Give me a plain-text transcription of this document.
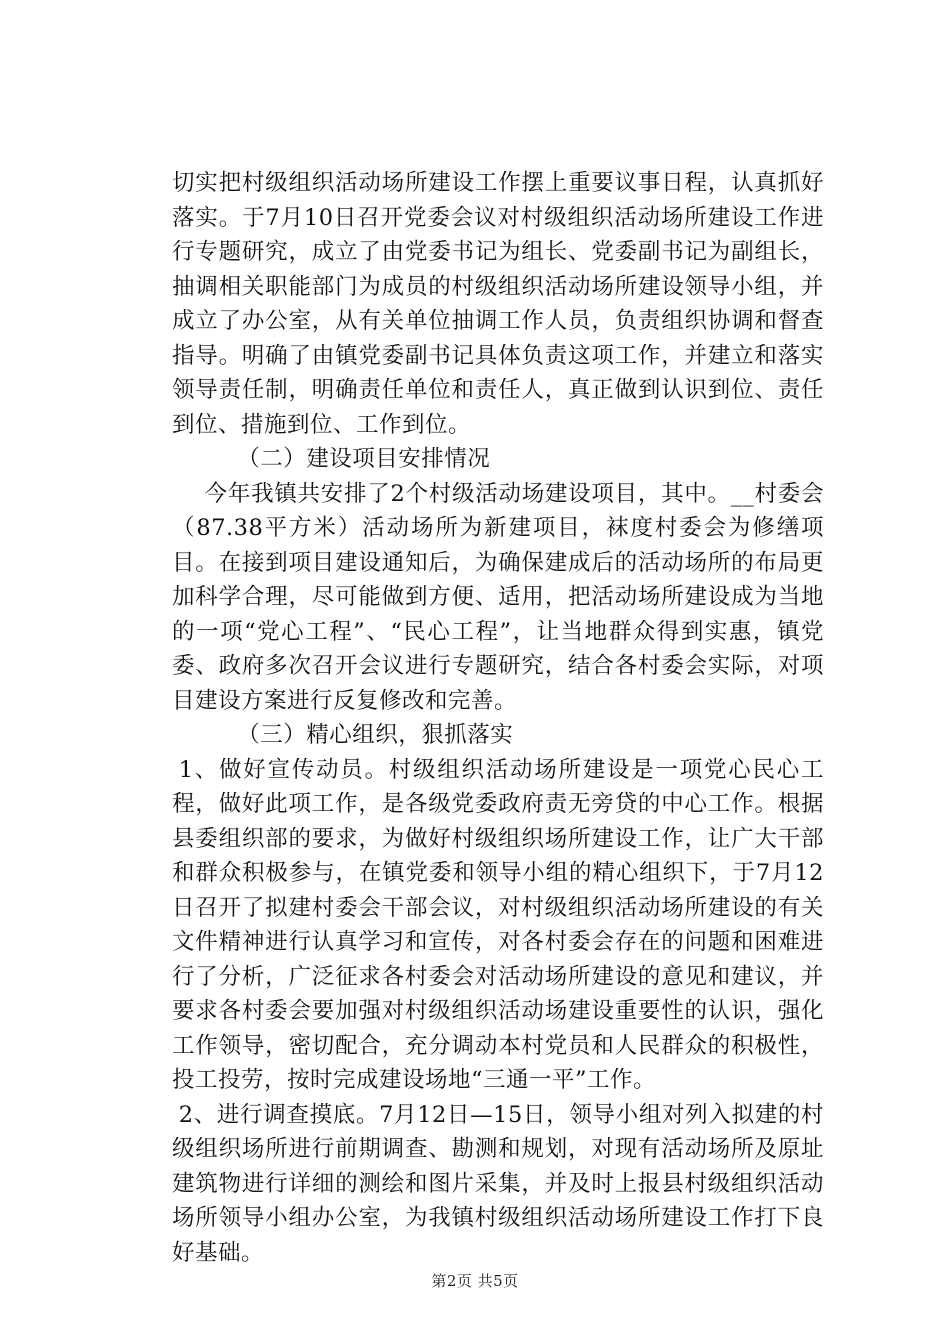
切实把村级组织活动场所建设工作摆上重要议事日程，认真抓好落实。于7月10日召开党委会议对村级组织活动场所建设工作进行专题研究，成立了由党委书记为组长、党委副书记为副组长，抽调相关职能部门为成员的村级组织活动场所建设领导小组，并成立了办公室，从有关单位抽调工作人员，负责组织协调和督查指导。明确了由镇党委副书记具体负责这项工作，并建立和落实领导责任制，明确责任单位和责任人，真正做到认识到位、责任到位、措施到位、工作到位。

（二）建设项目安排情况

今年我镇共安排了2个村级活动场建设项目，其中。__村委会（87.38平方米）活动场所为新建项目，袜度村委会为修缮项目。在接到项目建设通知后，为确保建成后的活动场所的布局更加科学合理，尽可能做到方便、适用，把活动场所建设成为当地的一项“党心工程”、“民心工程”，让当地群众得到实惠，镇党委、政府多次召开会议进行专题研究，结合各村委会实际，对项目建设方案进行反复修改和完善。

（三）精心组织，狠抓落实

1、做好宣传动员。村级组织活动场所建设是一项党心民心工程，做好此项工作，是各级党委政府责无旁贷的中心工作。根据县委组织部的要求，为做好村级组织场所建设工作，让广大干部和群众积极参与，在镇党委和领导小组的精心组织下，于7月12日召开了拟建村委会干部会议，对村级组织活动场所建设的有关文件精神进行认真学习和宣传，对各村委会存在的问题和困难进行了分析，广泛征求各村委会对活动场所建设的意见和建议，并要求各村委会要加强对村级组织活动场建设重要性的认识，强化工作领导，密切配合，充分调动本村党员和人民群众的积极性，投工投劳，按时完成建设场地“三通一平”工作。

2、进行调查摸底。7月12日—15日，领导小组对列入拟建的村级组织场所进行前期调查、勘测和规划，对现有活动场所及原址建筑物进行详细的测绘和图片采集，并及时上报县村级组织活动场所领导小组办公室，为我镇村级组织活动场所建设工作打下良好基础。

第2页 共5页
